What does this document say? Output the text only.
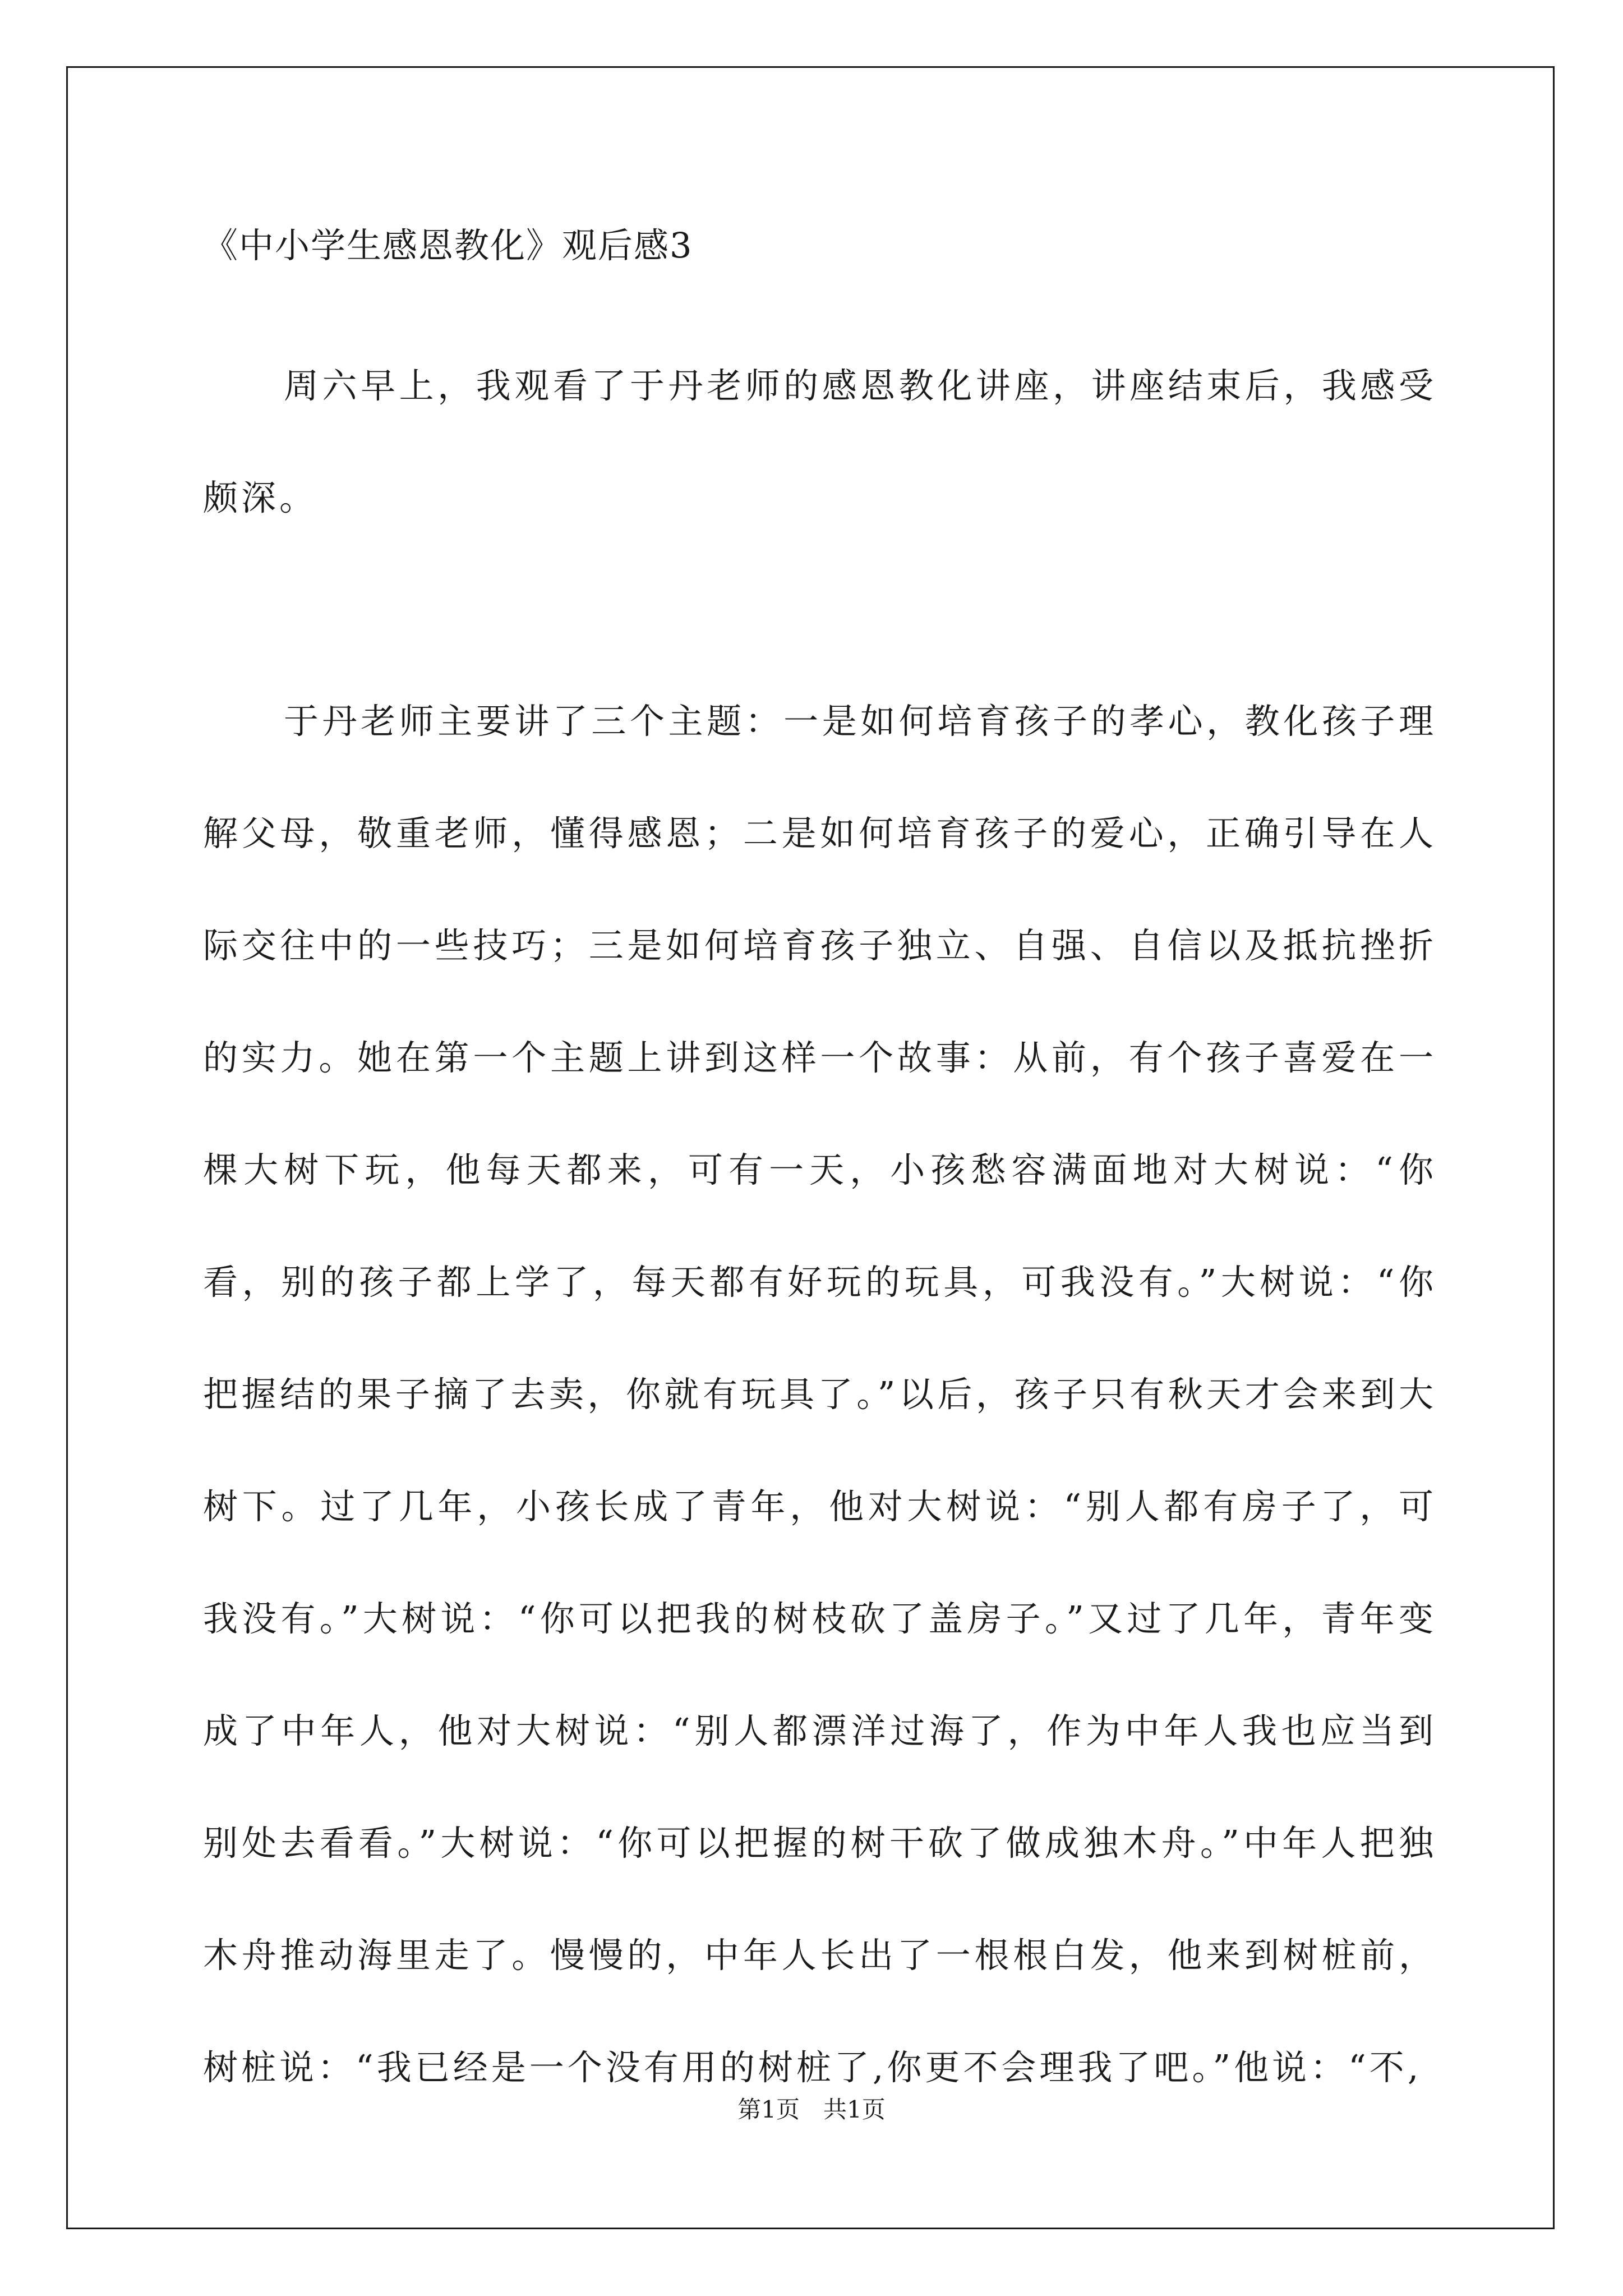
《中小学生感恩教化》观后感3

周六早上，我观看了于丹老师的感恩教化讲座，讲座结束后，我感受颇深。

于丹老师主要讲了三个主题：一是如何培育孩子的孝心，教化孩子理解父母，敬重老师，懂得感恩；二是如何培育孩子的爱心，正确引导在人际交往中的一些技巧；三是如何培育孩子独立、自强、自信以及抵抗挫折的实力。她在第一个主题上讲到这样一个故事：从前，有个孩子喜爱在一棵大树下玩，他每天都来，可有一天，小孩愁容满面地对大树说：“你看，别的孩子都上学了，每天都有好玩的玩具，可我没有。”大树说：“你把握结的果子摘了去卖，你就有玩具了。”以后，孩子只有秋天才会来到大树下。过了几年，小孩长成了青年，他对大树说：“别人都有房子了，可我没有。”大树说：“你可以把我的树枝砍了盖房子。”又过了几年，青年变成了中年人，他对大树说：“别人都漂洋过海了，作为中年人我也应当到别处去看看。”大树说：“你可以把握的树干砍了做成独木舟。”中年人把独木舟推动海里走了。慢慢的，中年人长出了一根根白发，他来到树桩前，树桩说：“我已经是一个没有用的树桩了,你更不会理我了吧。”他说：“不,

第1页　共1页
